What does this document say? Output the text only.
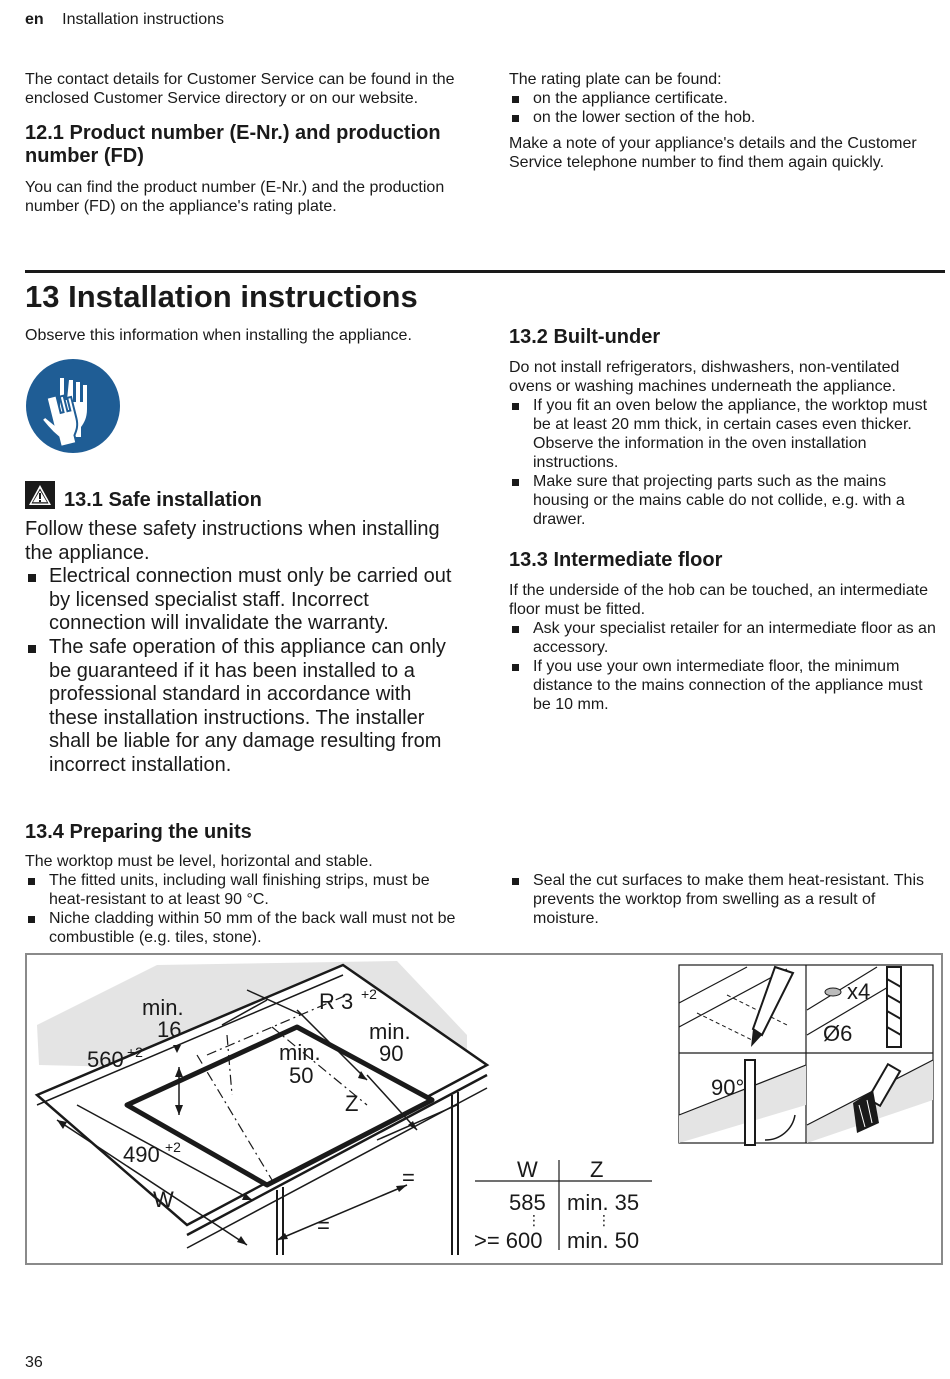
en Installation instructions

The contact details for Customer Service can be found in the enclosed Customer Service directory or on our website.

12.1 Product number (E-Nr.) and production number (FD)

You can find the product number (E-Nr.) and the production number (FD) on the appliance's rating plate.

The rating plate can be found:

on the appliance certificate.
on the lower section of the hob.

Make a note of your appliance's details and the Customer Service telephone number to find them again quickly.

13 Installation instructions

Observe this information when installing the appliance.

13.1 Safe installation

Follow these safety instructions when installing the appliance.

Electrical connection must only be carried out by licensed specialist staff. Incorrect connection will invalidate the warranty.
The safe operation of this appliance can only be guaranteed if it has been installed to a professional standard in accordance with these installation instructions. The installer shall be liable for any damage resulting from incorrect installation.

13.2 Built-under

Do not install refrigerators, dishwashers, non-ventilated ovens or washing machines underneath the appliance.

If you fit an oven below the appliance, the worktop must be at least 20 mm thick, in certain cases even thicker. Observe the information in the oven installation instructions.
Make sure that projecting parts such as the mains housing or the mains cable do not collide, e.g. with a drawer.

13.3 Intermediate floor

If the underside of the hob can be touched, an intermediate floor must be fitted.

Ask your specialist retailer for an intermediate floor as an accessory.
If you use your own intermediate floor, the minimum distance to the mains connection of the appliance must be 10 mm.

13.4 Preparing the units

The worktop must be level, horizontal and stable.

The fitted units, including wall finishing strips, must be heat-resistant to at least 90 °C.
Niche cladding within 50 mm of the back wall must not be combustible (e.g. tiles, stone).
Seal the cut surfaces to make them heat-resistant. This prevents the worktop from swelling as a result of moisture.
min.
16
R 3 +2
min.
90
560 +2	min.
50
Z
490 +2
W
=
=
W Z
585 min. 35
⋮	⋮
>= 600 min. 50
x4
Ø6
90°
36
